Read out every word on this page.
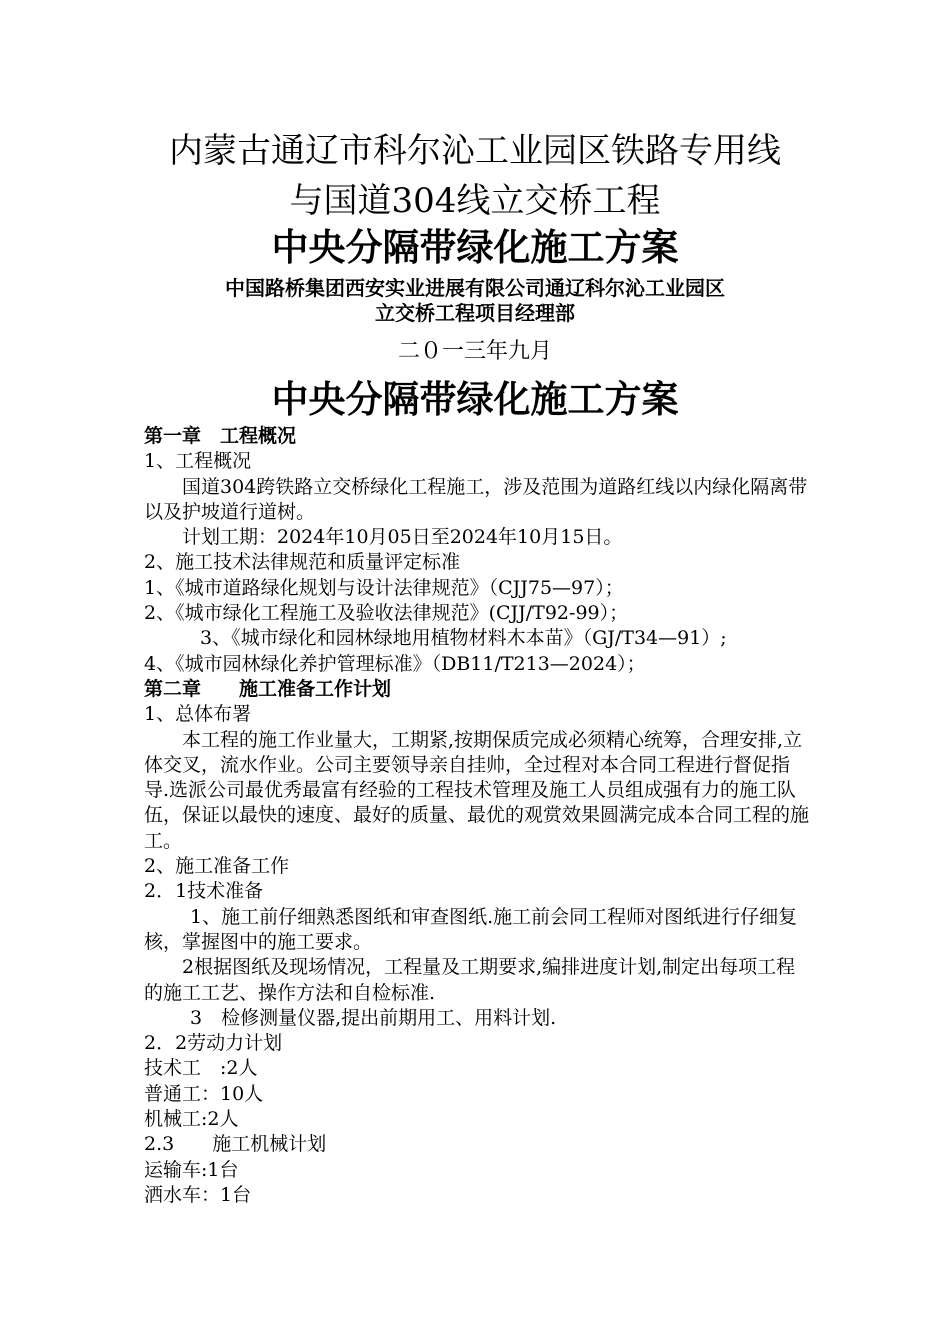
内蒙古通辽市科尔沁工业园区铁路专用线
与国道304线立交桥工程
中央分隔带绿化施工方案
中国路桥集团西安实业进展有限公司通辽科尔沁工业园区
立交桥工程项目经理部
二０一三年九月
中央分隔带绿化施工方案

第一章　工程概况

1、工程概况

国道304跨铁路立交桥绿化工程施工，涉及范围为道路红线以内绿化隔离带以及护坡道行道树。

计划工期：2024年10月05日至2024年10月15日。

2、施工技术法律规范和质量评定标准

1、《城市道路绿化规划与设计法律规范》（CJJ75—97）；

2、《城市绿化工程施工及验收法律规范》(CJJ/T92-99）；

3、《城市绿化和园林绿地用植物材料木本苗》（GJ/T34—91）;

4、《城市园林绿化养护管理标准》（DB11/T213—2024）；

第二章　　施工准备工作计划

1、总体布署

本工程的施工作业量大，工期紧,按期保质完成必须精心统筹，合理安排,立体交叉，流水作业。公司主要领导亲自挂帅，全过程对本合同工程进行督促指导.选派公司最优秀最富有经验的工程技术管理及施工人员组成强有力的施工队伍，保证以最快的速度、最好的质量、最优的观赏效果圆满完成本合同工程的施工。

2、施工准备工作

2．1技术准备

1、施工前仔细熟悉图纸和审查图纸.施工前会同工程师对图纸进行仔细复核，掌握图中的施工要求。

2根据图纸及现场情况，工程量及工期要求,编排进度计划,制定出每项工程的施工工艺、操作方法和自检标准.

3　检修测量仪器,提出前期用工、用料计划.

2．2劳动力计划

技术工　:2人

普通工：10人

机械工:2人

2.3　　施工机械计划

运输车:1台

洒水车：1台
